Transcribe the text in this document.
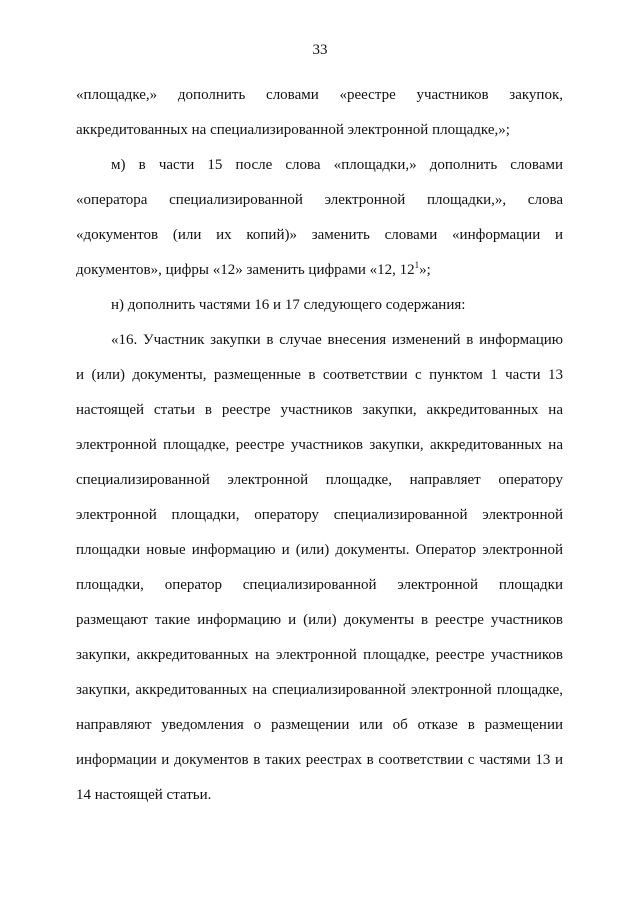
33
«площадке,» дополнить словами «реестре участников закупок,
аккредитованных на специализированной электронной площадке,»;
м) в части 15 после слова «площадки,» дополнить словами
«оператора специализированной электронной площадки,», слова
«документов (или их копий)» заменить словами «информации и
документов», цифры «12» заменить цифрами «12, $12^1$»;
н) дополнить частями 16 и 17 следующего содержания:
«16. Участник закупки в случае внесения изменений в информацию
и (или) документы, размещенные в соответствии с пунктом 1 части 13
настоящей статьи в реестре участников закупки, аккредитованных на
электронной площадке, реестре участников закупки, аккредитованных на
специализированной электронной площадке, направляет оператору
электронной площадки, оператору специализированной электронной
площадки новые информацию и (или) документы. Оператор электронной
площадки, оператор специализированной электронной площадки
размещают такие информацию и (или) документы в реестре участников
закупки, аккредитованных на электронной площадке, реестре участников
закупки, аккредитованных на специализированной электронной площадке,
направляют уведомления о размещении или об отказе в размещении
информации и документов в таких реестрах в соответствии с частями 13 и
14 настоящей статьи.
